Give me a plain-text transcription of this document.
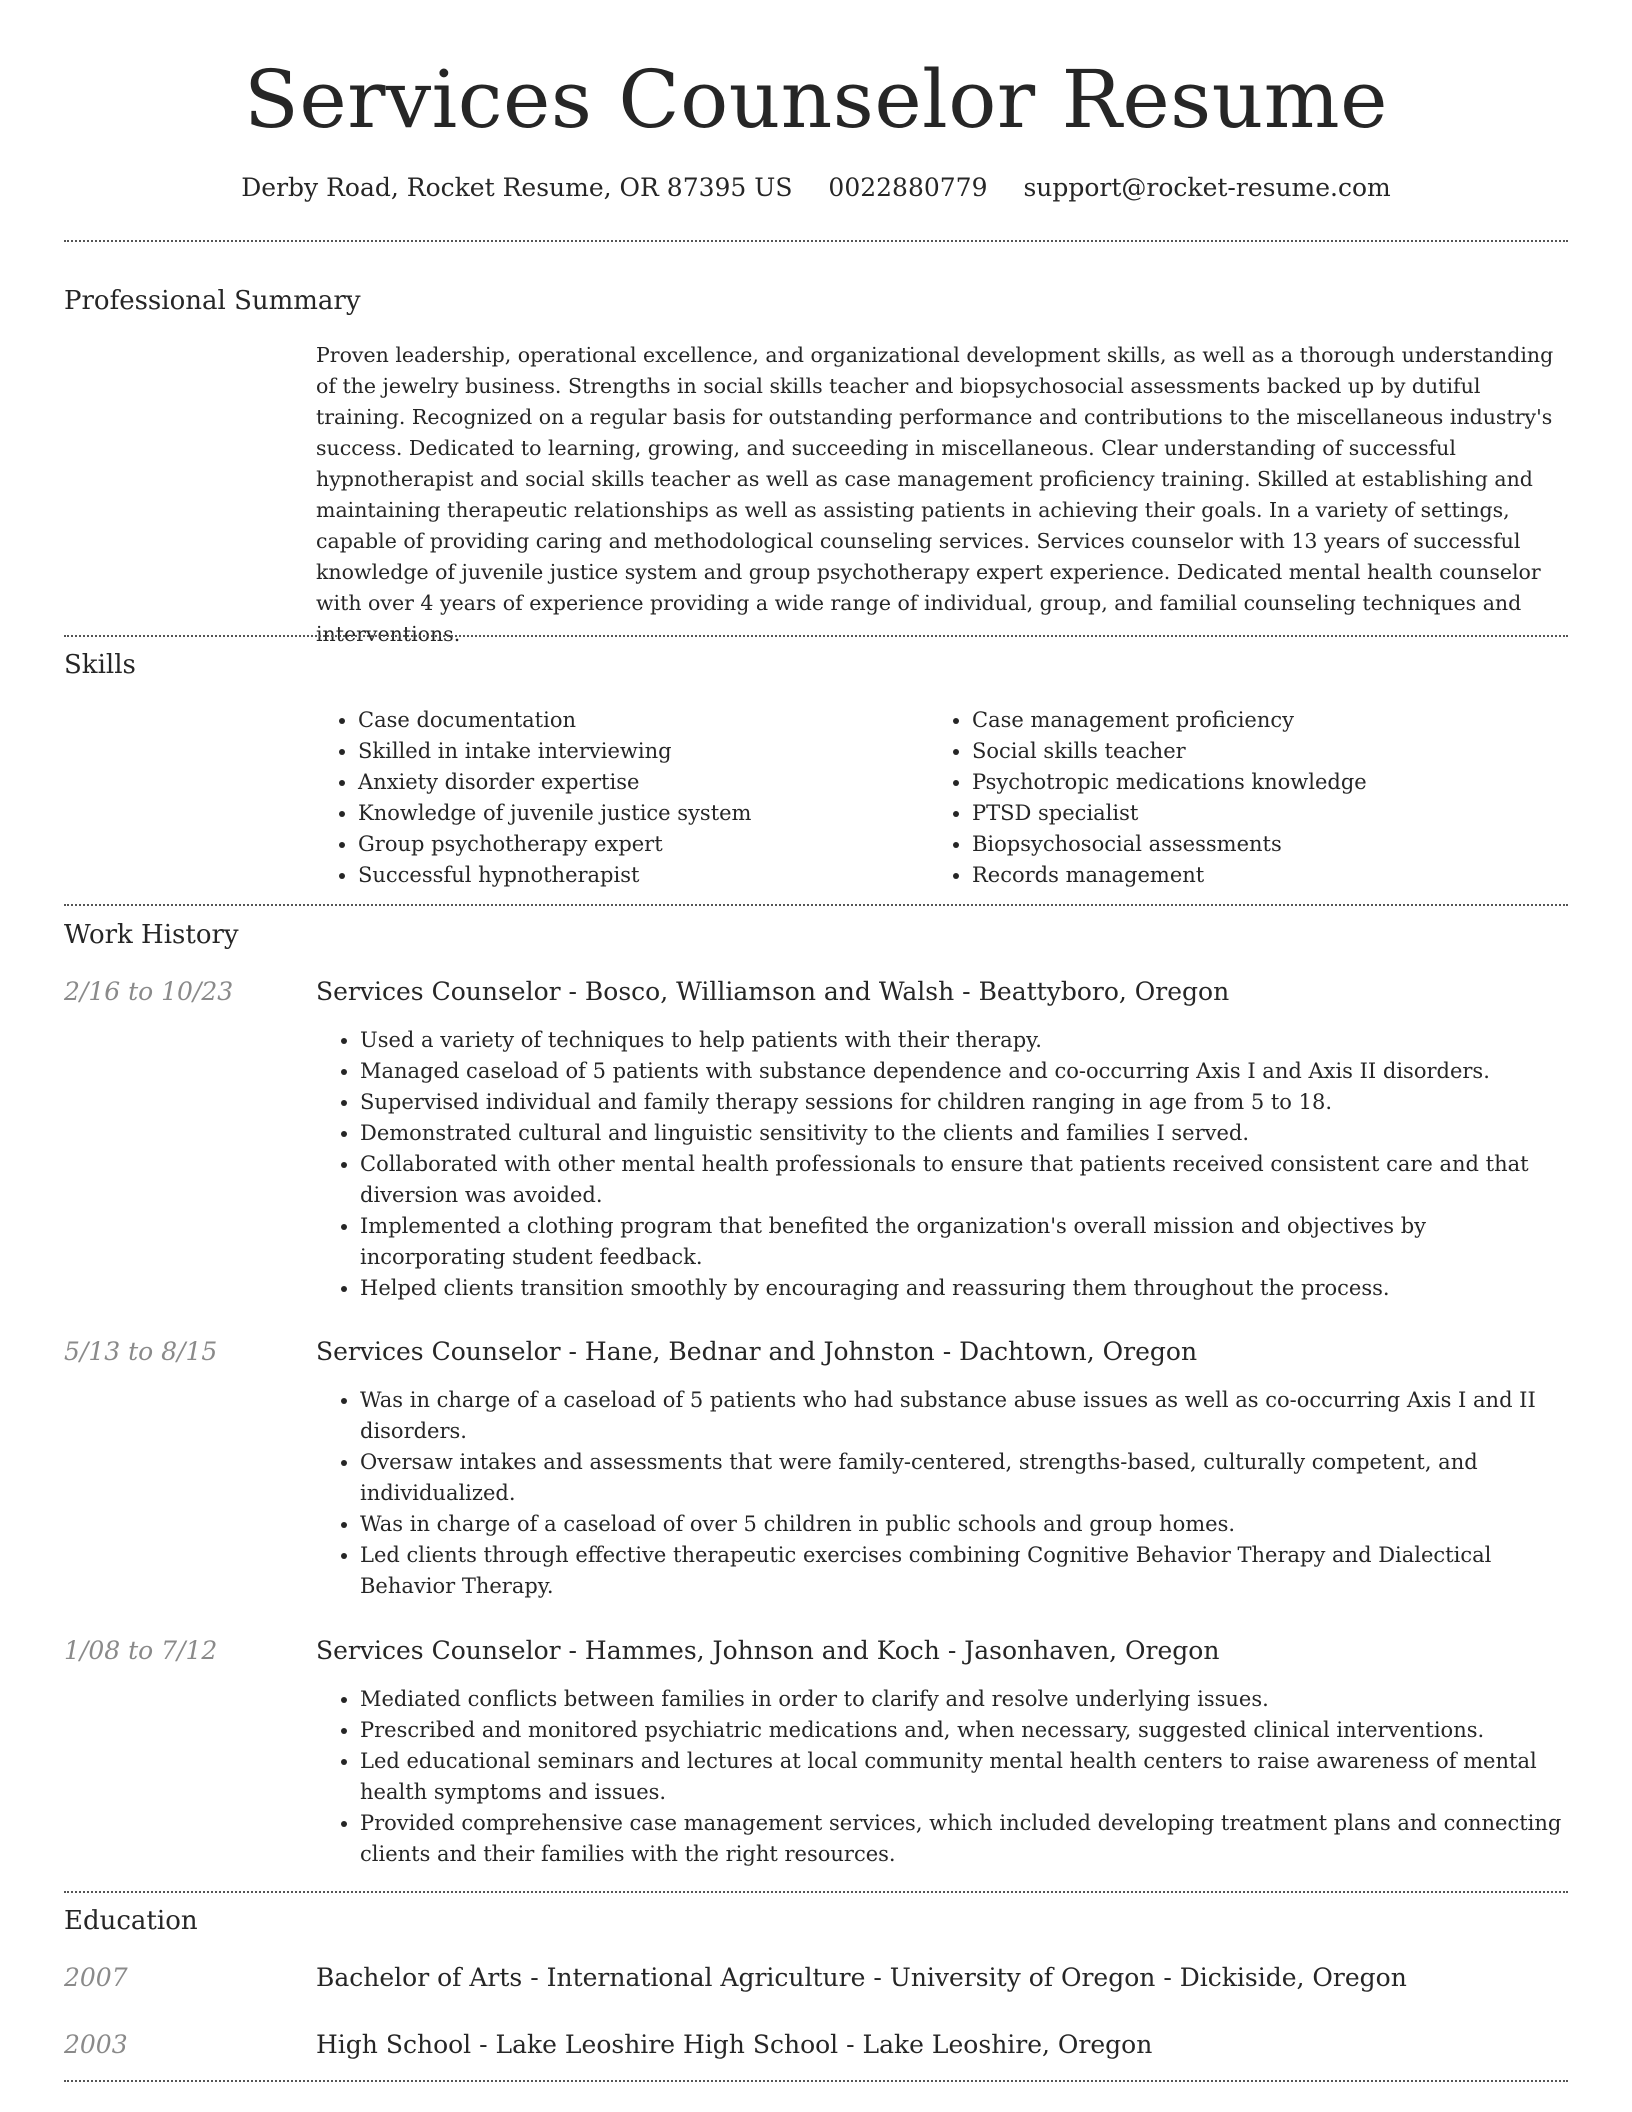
Services Counselor Resume
Derby Road, Rocket Resume, OR 87395 US 0022880779 support@rocket-resume.com
Professional Summary

Proven leadership, operational excellence, and organizational development skills, as well as a thorough understanding of the jewelry business. Strengths in social skills teacher and biopsychosocial assessments backed up by dutiful training. Recognized on a regular basis for outstanding performance and contributions to the miscellaneous industry's success. Dedicated to learning, growing, and succeeding in miscellaneous. Clear understanding of successful hypnotherapist and social skills teacher as well as case management proficiency training. Skilled at establishing and maintaining therapeutic relationships as well as assisting patients in achieving their goals. In a variety of settings, capable of providing caring and methodological counseling services. Services counselor with 13 years of successful knowledge of juvenile justice system and group psychotherapy expert experience. Dedicated mental health counselor with over 4 years of experience providing a wide range of individual, group, and familial counseling techniques and interventions.

Skills
• Case documentation
• Skilled in intake interviewing
• Anxiety disorder expertise
• Knowledge of juvenile justice system
• Group psychotherapy expert
• Successful hypnotherapist
• Case management proficiency
• Social skills teacher
• Psychotropic medications knowledge
• PTSD specialist
• Biopsychosocial assessments
• Records management
Work History
2/16 to 10/23	Services Counselor - Bosco, Williamson and Walsh - Beattyboro, Oregon
• Used a variety of techniques to help patients with their therapy.
• Managed caseload of 5 patients with substance dependence and co-occurring Axis I and Axis II disorders.
• Supervised individual and family therapy sessions for children ranging in age from 5 to 18.
• Demonstrated cultural and linguistic sensitivity to the clients and families I served.
• Collaborated with other mental health professionals to ensure that patients received consistent care and that diversion was avoided.
• Implemented a clothing program that benefited the organization's overall mission and objectives by incorporating student feedback.
• Helped clients transition smoothly by encouraging and reassuring them throughout the process.
5/13 to 8/15	Services Counselor - Hane, Bednar and Johnston - Dachtown, Oregon
• Was in charge of a caseload of 5 patients who had substance abuse issues as well as co-occurring Axis I and II disorders.
• Oversaw intakes and assessments that were family-centered, strengths-based, culturally competent, and individualized.
• Was in charge of a caseload of over 5 children in public schools and group homes.
• Led clients through effective therapeutic exercises combining Cognitive Behavior Therapy and Dialectical Behavior Therapy.
1/08 to 7/12	Services Counselor - Hammes, Johnson and Koch - Jasonhaven, Oregon
• Mediated conflicts between families in order to clarify and resolve underlying issues.
• Prescribed and monitored psychiatric medications and, when necessary, suggested clinical interventions.
• Led educational seminars and lectures at local community mental health centers to raise awareness of mental health symptoms and issues.
• Provided comprehensive case management services, which included developing treatment plans and connecting clients and their families with the right resources.
Education
2007	Bachelor of Arts - International Agriculture - University of Oregon - Dickiside, Oregon
2003	High School - Lake Leoshire High School - Lake Leoshire, Oregon
